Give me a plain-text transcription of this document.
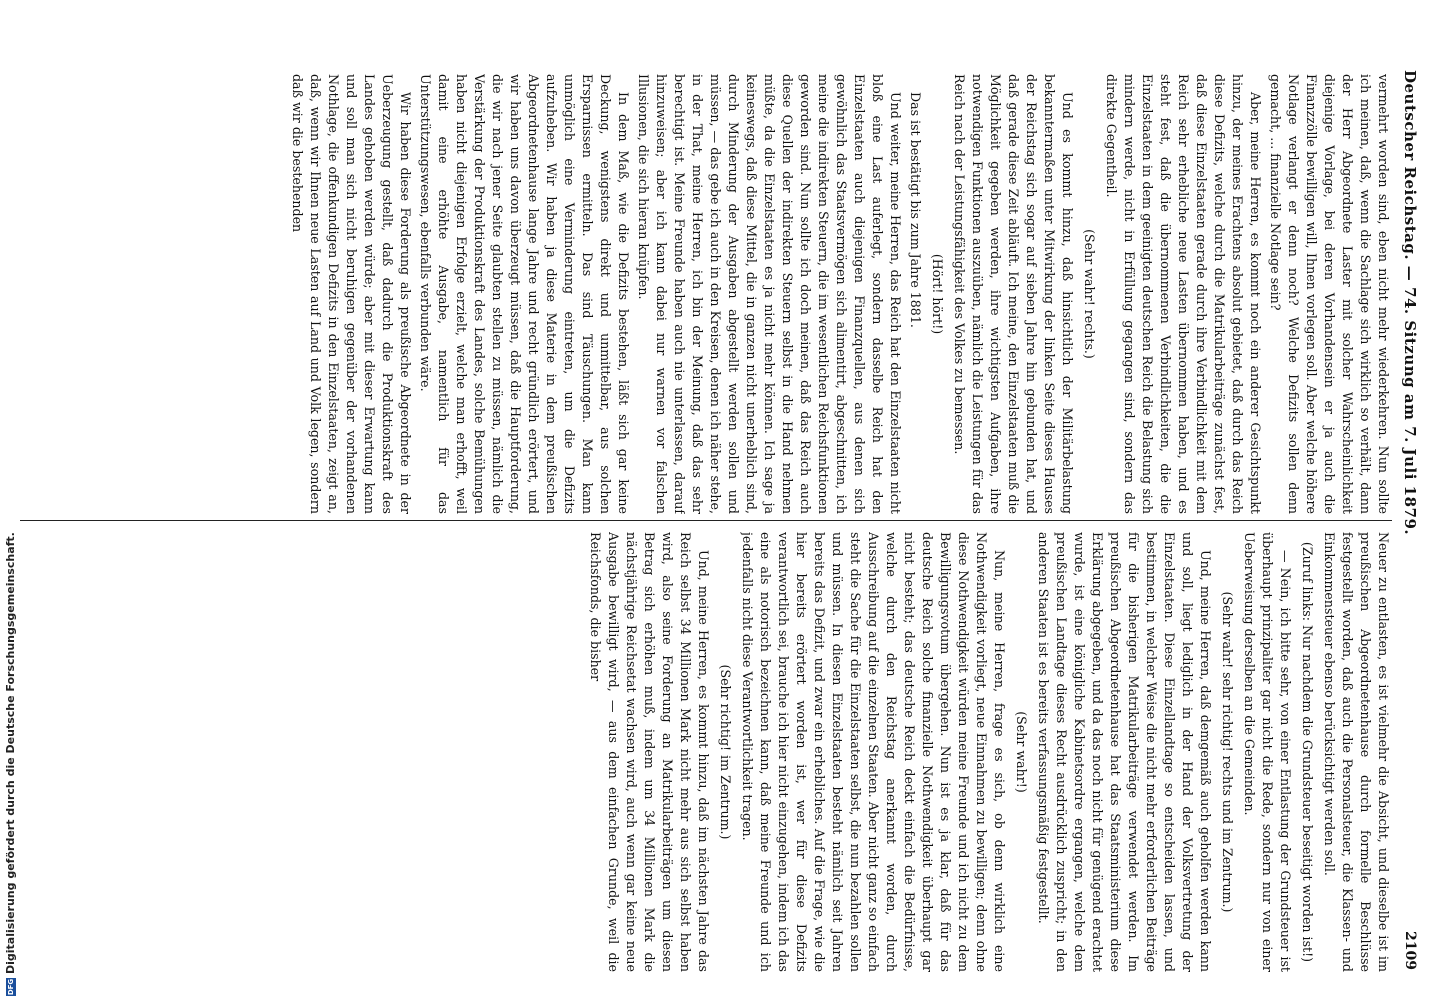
Deutscher Reichstag. — 74. Sitzung am 7. Juli 1879.
2109

vermehrt worden sind, eben nicht mehr wiederkehren. Nun sollte ich meinen, daß, wenn die Sachlage sich wirklich so verhält, dann der Herr Abgeordnete Laster mit solcher Wahrscheinlichkeit diejenige Vorlage, bei deren Vorhandensein er ja auch die Finanzzölle bewilligen will, Ihnen vorlegen soll. Aber welche höhere Notlage verlangt er denn noch? Welche Defizits sollen denn gemacht, ... finanzielle Notlage sein?

Aber, meine Herren, es kommt noch ein anderer Gesichtspunkt hinzu, der meines Erachtens absolut gebietet, daß durch das Reich diese Defizits, welche durch die Matrikularbeiträge zunächst fest, daß diese Einzelstaaten gerade durch ihre Verbindlichkeit mit dem Reich sehr erhebliche neue Lasten übernommen haben, und es steht fest, daß die übernommenen Verbindlichkeiten, die die Einzelstaaten in dem geeinigten deutschen Reich die Belastung sich mindern werde, nicht in Erfüllung gegangen sind, sondern das direkte Gegentheil.

(Sehr wahr! rechts.)

Und es kommt hinzu, daß hinsichtlich der Militärbelastung bekanntermaßen unter Mitwirkung der linken Seite dieses Hauses der Reichstag sich sogar auf sieben Jahre hin gebunden hat, und daß gerade diese Zeit abläuft. Ich meine, den Einzelstaaten muß die Möglichkeit gegeben werden, ihre wichtigsten Aufgaben, ihre notwendigen Funktionen auszuüben, nämlich die Leistungen für das Reich nach der Leistungsfähigkeit des Volkes zu bemessen.

(Hört! hört!)

Das ist bestätigt bis zum Jahre 1881.

Und weiter, meine Herren, das Reich hat den Einzelstaaten nicht bloß eine Last auferlegt, sondern dasselbe Reich hat den Einzelstaaten auch diejenigen Finanzquellen, aus denen sich gewöhnlich das Staatsvermögen sich alimentirt, abgeschnitten, ich meine die indirekten Steuern, die im wesentlichen Reichsfunktionen geworden sind. Nun sollte ich doch meinen, daß das Reich auch diese Quellen der indirekten Steuern selbst in die Hand nehmen müßte, da die Einzelstaaten es ja nicht mehr können. Ich sage ja keineswegs, daß diese Mittel, die in ganzen nicht unerheblich sind, durch Minderung der Ausgaben abgestellt werden sollen und müssen, — das gebe ich auch in den Kreisen, denen ich näher stehe, in der That, meine Herren, ich bin der Meinung, daß das sehr berechtigt ist. Meine Freunde haben auch nie unterlassen, darauf hinzuweisen; aber ich kann dabei nur warnen vor falschen Illusionen, die sich hieran knüpfen.

In dem Maß, wie die Defizits bestehen, läßt sich gar keine Deckung, wenigstens direkt und unmittelbar, aus solchen Ersparnissen ermitteln. Das sind Täuschungen. Man kann unmöglich eine Verminderung eintreten, um die Defizits aufzuheben. Wir haben ja diese Materie in dem preußischen Abgeordnetenhause lange Jahre und recht gründlich erörtert, und wir haben uns davon überzeugt müssen, daß die Hauptforderung, die wir nach jener Seite glaubten stellen zu müssen, nämlich die Verstärkung der Produktionskraft des Landes, solche Bemühungen haben nicht diejenigen Erfolge erzielt, welche man erhofft, weil damit eine erhöhte Ausgabe, namentlich für das Unterstützungswesen, ebenfalls verbunden wäre.

Wir haben diese Forderung als preußische Abgeordnete in der Ueberzeugung gestellt, daß dadurch die Produktionskraft des Landes gehoben werden würde; aber mit dieser Erwartung kann und soll man sich nicht beruhigen gegenüber der vorhandenen Nothlage, die offenkundigen Defizits in den Einzelstaaten, zeigt an, daß, wenn wir Ihnen neue Lasten auf Land und Volk legen, sondern daß wir die bestehenden

Neuer zu entlasten, es ist vielmehr die Absicht, und dieselbe ist im preußischen Abgeordnetenhause durch formelle Beschlüsse festgestellt worden, daß auch die Personalsteuer, die Klassen- und Einkommensteuer ebenso berücksichtigt werden soll.

(Zuruf links: Nur nachdem die Grundsteuer beseitigt worden ist!)

— Nein, ich bitte sehr, von einer Entlastung der Grundsteuer ist überhaupt prinzipaliter gar nicht die Rede, sondern nur von einer Ueberweisung derselben an die Gemeinden.

(Sehr wahr! sehr richtig! rechts und im Zentrum.)

Und, meine Herren, daß demgemäß auch geholfen werden kann und soll, liegt lediglich in der Hand der Volksvertretung der Einzelstaaten. Diese Einzellandtage so entscheiden lassen, und bestimmen, in welcher Weise die nicht mehr erforderlichen Beiträge für die bisherigen Matrikularbeiträge verwendet werden. Im preußischen Abgeordnetenhause hat das Staatsministerium diese Erklärung abgegeben, und da das noch nicht für genügend erachtet wurde, ist eine königliche Kabinetsordre ergangen, welche dem preußischen Landtage dieses Recht ausdrücklich zuspricht; in den anderen Staaten ist es bereits verfassungsmäßig festgestellt.

(Sehr wahr!)

Nun, meine Herren, frage es sich, ob denn wirklich eine Nothwendigkeit vorliegt, neue Einnahmen zu bewilligen; denn ohne diese Nothwendigkeit würden meine Freunde und ich nicht zu dem Bewilligungsvotum übergehen. Nun ist es ja klar, daß für das deutsche Reich solche finanzielle Nothwendigkeit überhaupt gar nicht besteht; das deutsche Reich deckt einfach die Bedürfnisse, welche durch den Reichstag anerkannt worden, durch Ausschreibung auf die einzelnen Staaten. Aber nicht ganz so einfach steht die Sache für die Einzelstaaten selbst, die nun bezahlen sollen und müssen. In diesen Einzelstaaten besteht nämlich seit Jahren bereits das Defizit, und zwar ein erhebliches. Auf die Frage, wie die hier bereits erörtert worden ist, wer für diese Defizits verantwortlich sei, brauche ich hier nicht einzugehen, indem ich das eine als notorisch bezeichnen kann, daß meine Freunde und ich jedenfalls nicht diese Verantwortlichkeit tragen.

(Sehr richtig! im Zentrum.)

Und, meine Herren, es kommt hinzu, daß im nächsten Jahre das Reich selbst 34 Millionen Mark nicht mehr aus sich selbst haben wird, also seine Forderung an Matrikularbeiträgen um diesen Betrag sich erhöhen muß, indem um 34 Millionen Mark die nächstjährige Reichsetat wachsen wird, auch wenn gar keine neue Ausgabe bewilligt wird, — aus dem einfachen Grunde, weil die Reichsfonds, die bisher

DFGDigitalisierung gefördert durch die Deutsche Forschungsgemeinschaft.
